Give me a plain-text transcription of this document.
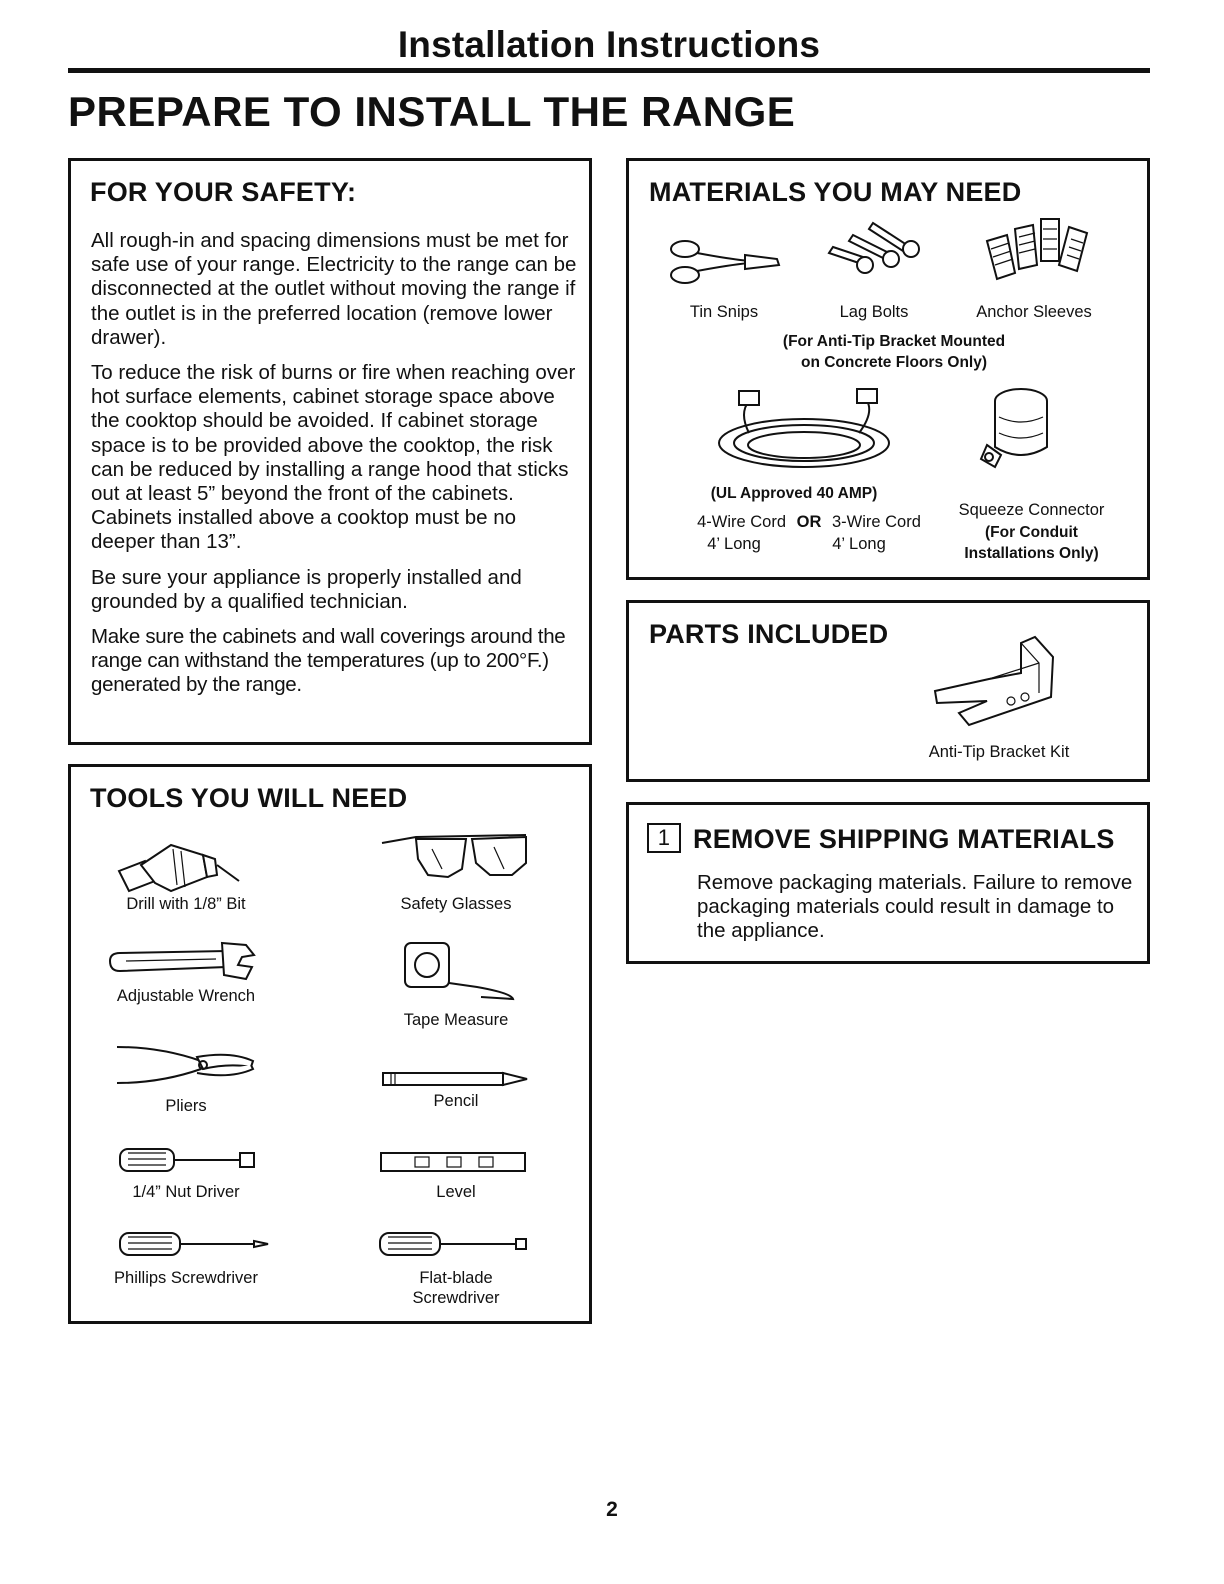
Installation Instructions
PREPARE TO INSTALL THE RANGE
FOR YOUR SAFETY:

All rough-in and spacing dimensions must be met for safe use of your range. Electricity to the range can be disconnected at the outlet without moving the range if the outlet is in the preferred location (remove lower drawer).

To reduce the risk of burns or fire when reaching over hot surface elements, cabinet storage space above the cooktop should be avoided. If cabinet storage space is to be provided above the cooktop, the risk can be reduced by installing a range hood that sticks out at least 5” beyond the front of the cabinets. Cabinets installed above a cooktop must be no deeper than 13”.

Be sure your appliance is properly installed and grounded by a qualified technician.

Make sure the cabinets and wall coverings around the range can withstand the temperatures (up to 200°F.) generated by the range.

TOOLS YOU WILL NEED
Drill with 1/8” Bit	Safety Glasses
Adjustable Wrench
Tape Measure
Pliers	Pencil
1/4” Nut Driver	Level
Phillips Screwdriver	Flat-blade
Screwdriver
MATERIALS YOU MAY NEED
Tin Snips	Lag Bolts	Anchor Sleeves
(For Anti-Tip Bracket Mounted
on Concrete Floors Only)
(UL Approved 40 AMP)
4-Wire Cord OR 3-Wire Cord
4’ Long	4’ Long
Squeeze Connector
(For Conduit
Installations Only)
PARTS INCLUDED
Anti-Tip Bracket Kit
1 REMOVE SHIPPING MATERIALS

Remove packaging materials. Failure to remove packaging materials could result in damage to the appliance.

2
